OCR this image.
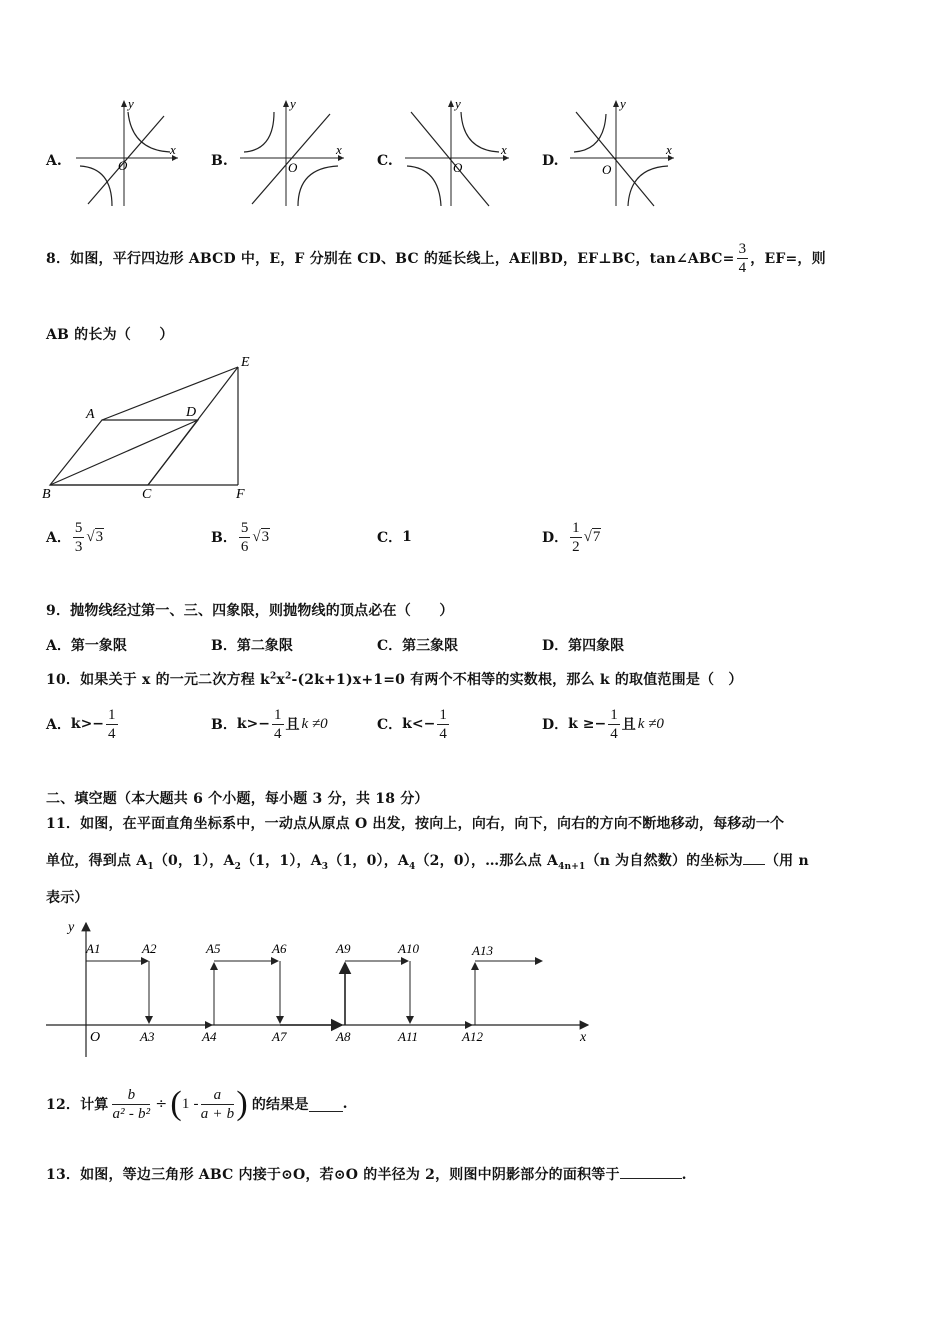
A.	B.	C.	D.
x
y
O
x
y
O
x
y
O
x
y
O
8．如图，平行四边形 ABCD 中，E，F 分别在 CD、BC 的延长线上，AE∥BD，EF⊥BC，tan∠ABC= $\frac{3}{4}$ ，EF=，则
AB 的长为（　　）
A
B	C
D
E
F
A． $\frac{5}{3} √3$	B． $\frac{5}{6} √3$	C． 1	D． $\frac{1}{2} √7$
9．抛物线经过第一、三、四象限，则抛物线的顶点必在（　　）
A．第一象限	B．第二象限	C．第三象限	D．第四象限
10．如果关于 x 的一元二次方程 $k^2x^2-(2k+1)x+1=0$ 有两个不相等的实数根，那么 k 的取值范围是（　）
A． $k>- \frac{1}{4}$	B． $k>- \frac{1}{4}$ 且 k ≠0	C． $k<- \frac{1}{4}$	D． $k \ge- \frac{1}{4}$ 且 k ≠0
二、填空题（本大题共 6 个小题，每小题 3 分，共 18 分）
11．如图，在平面直角坐标系中，一动点从原点 O 出发，按向上，向右，向下，向右的方向不断地移动，每移动一个
单位，得到点 $A_1(0$，1），$A_2(1$，1），$A_3(1$，0），$A_4(2$，0），…那么点 $A_{4n+1}(n$ 为自然数）的坐标为 （用 n
表示）
y
x
O
A1	A2	A5	A6	A9	A10	A13
A3	A4	A7	A8	A11	A12
12．计算 $\frac{b}{\text{a² - b²}}$ ÷ ( $1 - \frac{a}{a + b}$ ) 的结果是 .
13．如图，等边三角形 ABC 内接于⊙O，若⊙O 的半径为 2，则图中阴影部分的面积等于	.
